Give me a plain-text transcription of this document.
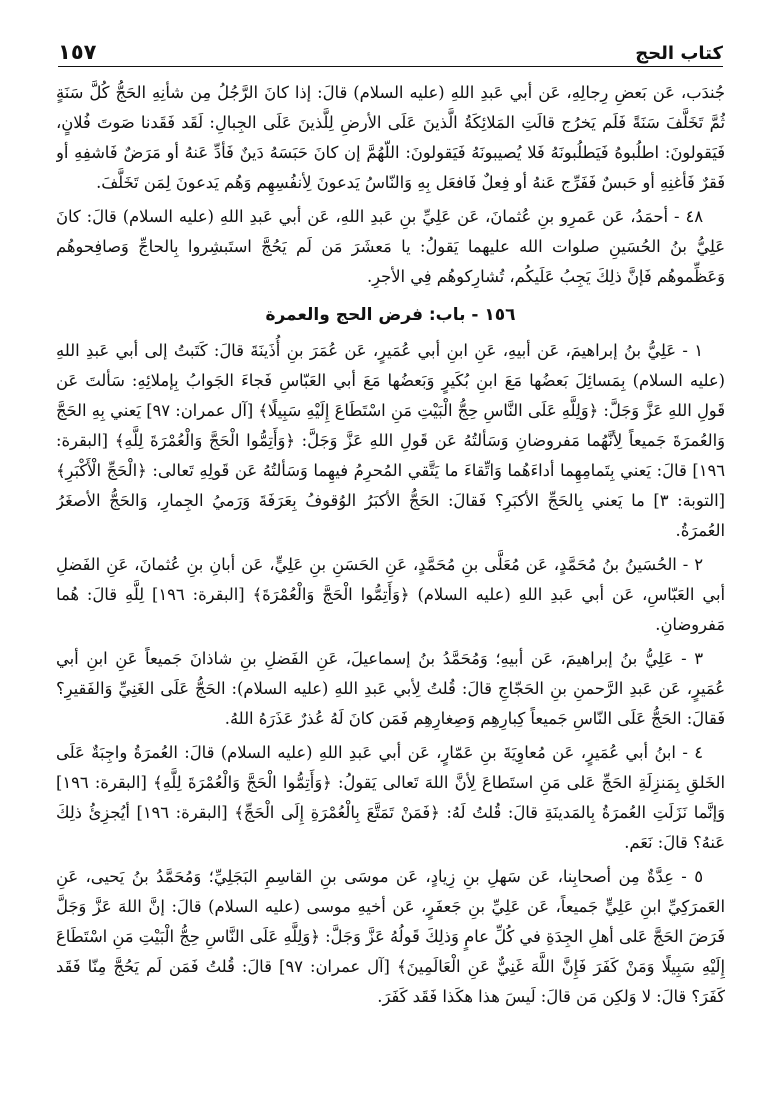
١٥٧	كتاب الحج

جُندَب، عَن بَعضِ رِجالِهِ، عَن أبي عَبدِ اللهِ (عليه السلام) قالَ: إذا كانَ الرَّجُلُ مِن شأنِهِ الحَجُّ كُلَّ سَنَةٍ ثُمَّ تَخَلَّفَ سَنَةً فَلَم يَخرُج قالَتِ المَلائِكَةُ الَّذينَ عَلَى الأرضِ لِلَّذينَ عَلَى الجِبالِ: لَقَد فَقَدنا صَوتَ فُلانٍ، فَيَقولونَ: اطلُبوهُ فَيَطلُبونَهُ فَلا يُصيبونَهُ فَيَقولونَ: اللّهُمَّ إن كانَ حَبَسَهُ دَينٌ فَأدِّ عَنهُ أو مَرَضٌ فَاشفِهِ أو فَقرٌ فَأغنِهِ أو حَبسٌ فَفَرِّج عَنهُ أو فِعلٌ فَافعَل بِهِ وَالنّاسُ يَدعونَ لِأنفُسِهِم وَهُم يَدعونَ لِمَن تَخَلَّفَ.

٤٨ - أحمَدُ، عَن عَمرِو بنِ عُثمانَ، عَن عَلِيِّ بنِ عَبدِ اللهِ، عَن أبي عَبدِ اللهِ (عليه السلام) قالَ: كانَ عَلِيُّ بنُ الحُسَينِ صلوات الله عليهما يَقولُ: يا مَعشَرَ مَن لَم يَحُجَّ استَبشِروا بِالحاجِّ وَصافِحوهُم وَعَظِّموهُم فَإنَّ ذلِكَ يَجِبُ عَلَيكُم، تُشارِكوهُم فِي الأجرِ.

١٥٦ - باب: فرض الحج والعمرة

١ - عَلِيُّ بنُ إبراهيمَ، عَن أبيهِ، عَنِ ابنِ أبي عُمَيرٍ، عَن عُمَرَ بنِ أُذَينَةَ قالَ: كَتَبتُ إلى أبي عَبدِ اللهِ (عليه السلام) بِمَسائِلَ بَعضُها مَعَ ابنِ بُكَيرٍ وَبَعضُها مَعَ أبي العَبّاسِ فَجاءَ الجَوابُ بِإملائِهِ: سَألتَ عَن قَولِ اللهِ عَزَّ وَجَلَّ: ﴿وَلِلَّهِ عَلَى النَّاسِ حِجُّ الْبَيْتِ مَنِ اسْتَطَاعَ إِلَيْهِ سَبِيلًا﴾ [آل عمران: ٩٧] يَعني بِهِ الحَجَّ وَالعُمرَةَ جَميعاً لِأنَّهُما مَفروضانِ وَسَألتُهُ عَن قَولِ اللهِ عَزَّ وَجَلَّ: ﴿وَأَتِمُّوا الْحَجَّ وَالْعُمْرَةَ لِلَّهِ﴾ [البقرة: ١٩٦] قالَ: يَعني بِتَمامِهِما أداءَهُما وَاتِّقاءَ ما يَتَّقي المُحرِمُ فيهِما وَسَألتُهُ عَن قَولِهِ تَعالى: ﴿الْحَجِّ الْأَكْبَرِ﴾ [التوبة: ٣] ما يَعني بِالحَجِّ الأكبَرِ؟ فَقالَ: الحَجُّ الأكبَرُ الوُقوفُ بِعَرَفَةَ وَرَميُ الجِمارِ، وَالحَجُّ الأصغَرُ العُمرَةُ.

٢ - الحُسَينُ بنُ مُحَمَّدٍ، عَن مُعَلَّى بنِ مُحَمَّدٍ، عَنِ الحَسَنِ بنِ عَلِيٍّ، عَن أبانِ بنِ عُثمانَ، عَنِ الفَضلِ أبي العَبّاسِ، عَن أبي عَبدِ اللهِ (عليه السلام) ﴿وَأَتِمُّوا الْحَجَّ وَالْعُمْرَةَ﴾ [البقرة: ١٩٦] لِلَّهِ قالَ: هُما مَفروضانِ.

٣ - عَلِيُّ بنُ إبراهيمَ، عَن أبيهِ؛ وَمُحَمَّدُ بنُ إسماعيلَ، عَنِ الفَضلِ بنِ شاذانَ جَميعاً عَنِ ابنِ أبي عُمَيرٍ، عَن عَبدِ الرَّحمنِ بنِ الحَجّاجِ قالَ: قُلتُ لِأبي عَبدِ اللهِ (عليه السلام): الحَجُّ عَلَى الغَنِيِّ وَالفَقيرِ؟ فَقالَ: الحَجُّ عَلَى النّاسِ جَميعاً كِبارِهِم وَصِغارِهِم فَمَن كانَ لَهُ عُذرٌ عَذَرَهُ اللهُ.

٤ - ابنُ أبي عُمَيرٍ، عَن مُعاوِيَةَ بنِ عَمّارٍ، عَن أبي عَبدِ اللهِ (عليه السلام) قالَ: العُمرَةُ واجِبَةٌ عَلَى الخَلقِ بِمَنزِلَةِ الحَجِّ عَلى مَنِ استَطاعَ لِأنَّ اللهَ تَعالى يَقولُ: ﴿وَأَتِمُّوا الْحَجَّ وَالْعُمْرَةَ لِلَّهِ﴾ [البقرة: ١٩٦] وَإنَّما نَزَلَتِ العُمرَةُ بِالمَدينَةِ قالَ: قُلتُ لَهُ: ﴿فَمَنْ تَمَتَّعَ بِالْعُمْرَةِ إِلَى الْحَجِّ﴾ [البقرة: ١٩٦] أيُجزِئُ ذلِكَ عَنهُ؟ قالَ: نَعَم.

٥ - عِدَّةٌ مِن أصحابِنا، عَن سَهلِ بنِ زِيادٍ، عَن موسَى بنِ القاسِمِ البَجَلِيِّ؛ وَمُحَمَّدُ بنُ يَحيى، عَنِ العَمرَكِيِّ ابنِ عَلِيٍّ جَميعاً، عَن عَلِيِّ بنِ جَعفَرٍ، عَن أخيهِ موسى (عليه السلام) قالَ: إنَّ اللهَ عَزَّ وَجَلَّ فَرَضَ الحَجَّ عَلى أهلِ الجِدَةِ في كُلِّ عامٍ وَذلِكَ قَولُهُ عَزَّ وَجَلَّ: ﴿وَلِلَّهِ عَلَى النَّاسِ حِجُّ الْبَيْتِ مَنِ اسْتَطَاعَ إِلَيْهِ سَبِيلًا وَمَنْ كَفَرَ فَإِنَّ اللَّهَ غَنِيٌّ عَنِ الْعَالَمِينَ﴾ [آل عمران: ٩٧] قالَ: قُلتُ فَمَن لَم يَحُجَّ مِنّا فَقَد كَفَرَ؟ قالَ: لا وَلكِن مَن قالَ: لَيسَ هذا هكَذا فَقَد كَفَرَ.
